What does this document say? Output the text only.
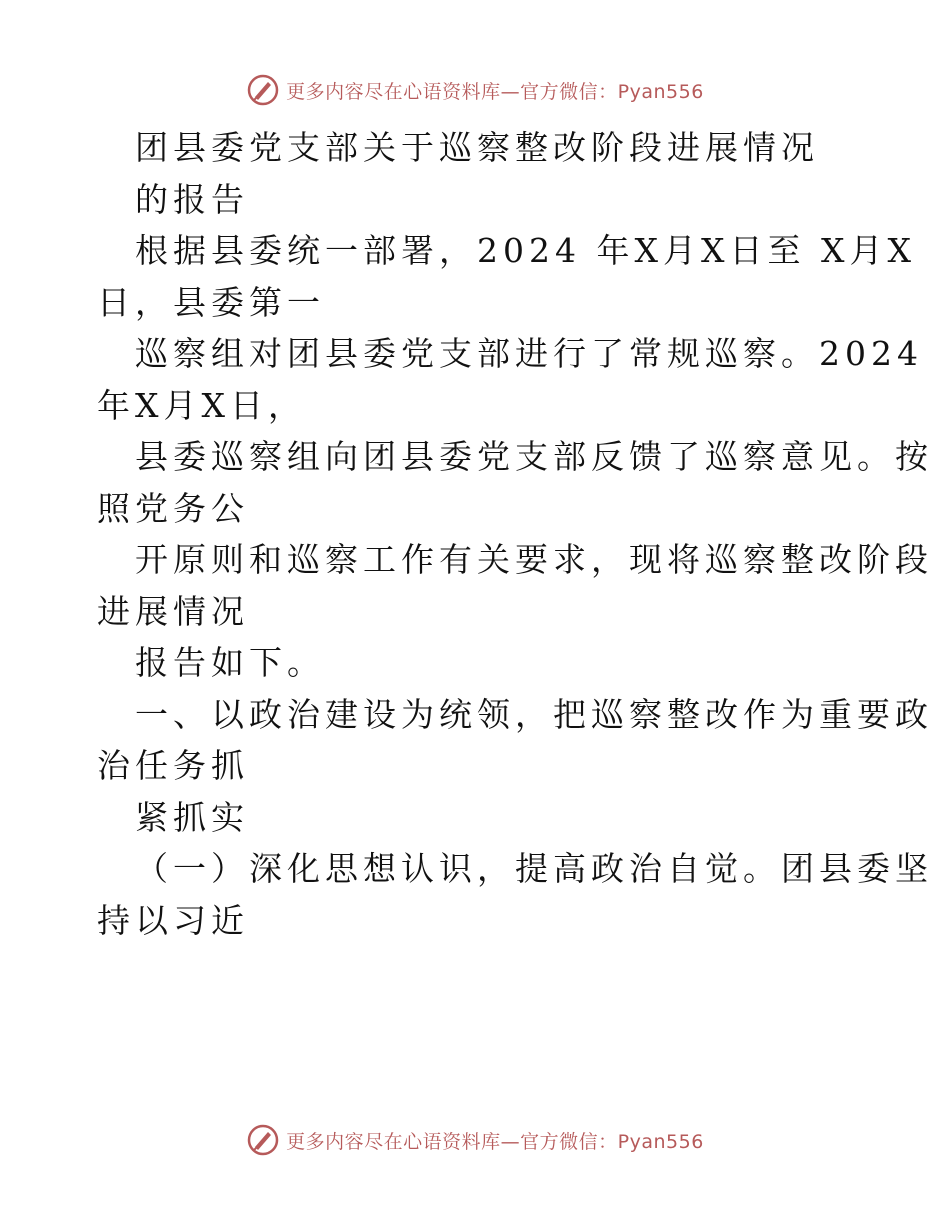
更多内容尽在心语资料库—官方微信：Pyan556
团县委党支部关于巡察整改阶段进展情况
的报告
根据县委统一部署，2024 年X月X日至 X月X
日，县委第一
巡察组对团县委党支部进行了常规巡察。2024
年X月X日，
县委巡察组向团县委党支部反馈了巡察意见。按
照党务公
开原则和巡察工作有关要求，现将巡察整改阶段
进展情况
报告如下。
一、以政治建设为统领，把巡察整改作为重要政
治任务抓
紧抓实
（一）深化思想认识，提高政治自觉。团县委坚
持以习近
更多内容尽在心语资料库—官方微信：Pyan556
